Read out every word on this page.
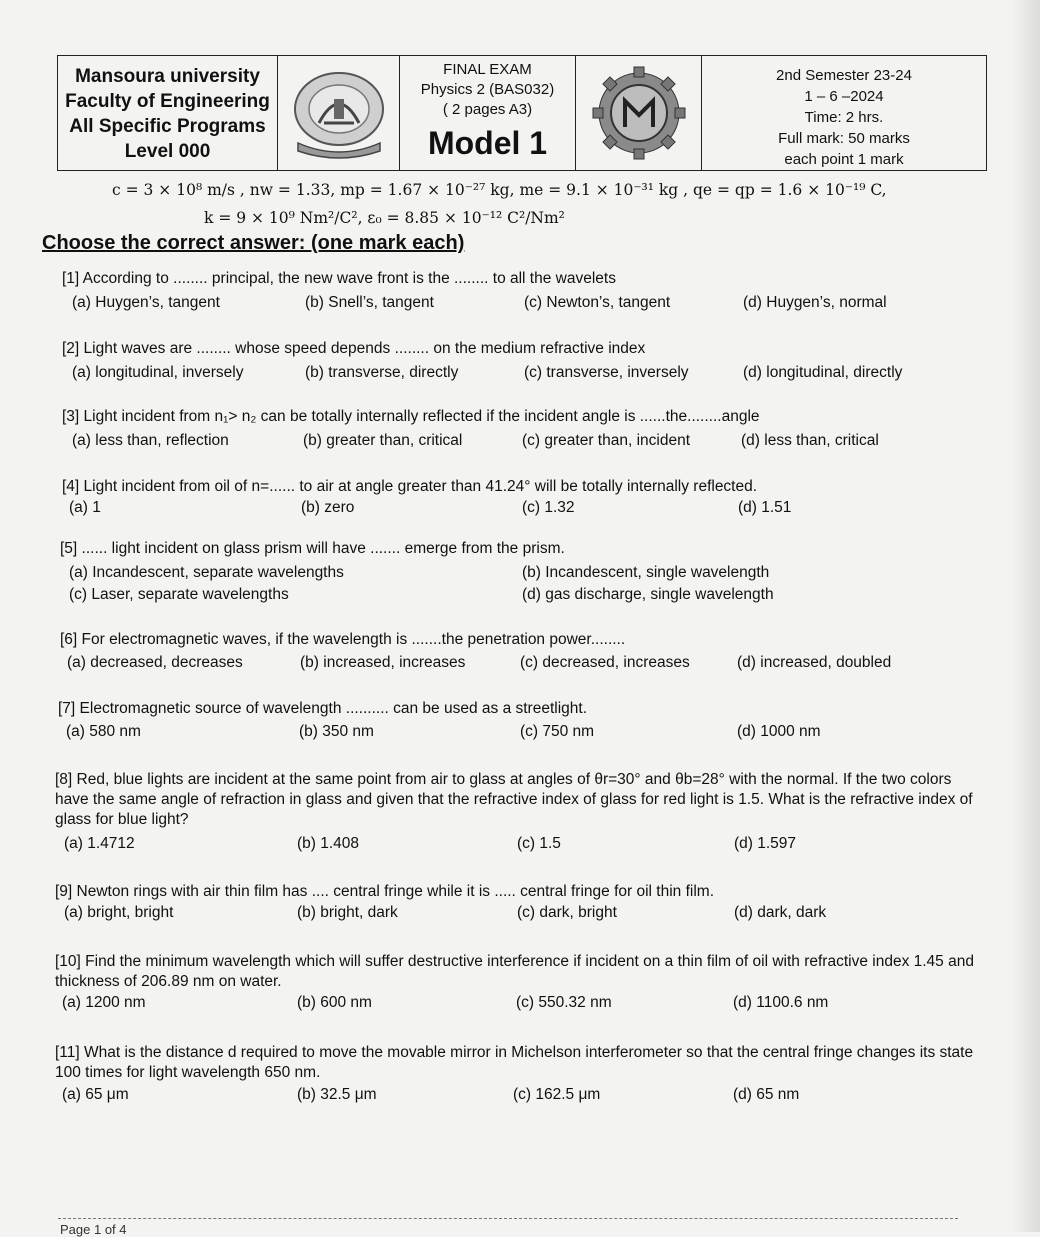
Mansoura university
Faculty of Engineering
All Specific Programs
Level 000
FINAL EXAM
Physics 2 (BAS032)
( 2 pages A3)
Model 1
2nd Semester 23-24
1 – 6 –2024
Time: 2 hrs.
Full mark: 50 marks
each point 1 mark
c = 3 × 10⁸ m/s , nw = 1.33, mp = 1.67 × 10⁻²⁷ kg, me = 9.1 × 10⁻³¹ kg , qe = qp = 1.6 × 10⁻¹⁹ C,
k = 9 × 10⁹ Nm²/C², ε₀ = 8.85 × 10⁻¹² C²/Nm²
Choose the correct answer: (one mark each)
[1] According to ........ principal, the new wave front is the ........ to all the wavelets
(a) Huygen’s, tangent	(b) Snell’s, tangent	(c) Newton’s, tangent	(d) Huygen’s, normal
[2] Light waves are ........ whose speed depends ........ on the medium refractive index
(a) longitudinal, inversely	(b) transverse, directly	(c) transverse, inversely	(d) longitudinal, directly
[3] Light incident from n₁> n₂ can be totally internally reflected if the incident angle is ......the........angle
(a) less than, reflection	(b) greater than, critical	(c) greater than, incident	(d) less than, critical
[4] Light incident from oil of n=...... to air at angle greater than 41.24° will be totally internally reflected.
(a) 1	(b) zero	(c) 1.32	(d) 1.51
[5] ...... light incident on glass prism will have ....... emerge from the prism.
(a) Incandescent, separate wavelengths	(b) Incandescent, single wavelength
(c) Laser, separate wavelengths	(d) gas discharge, single wavelength
[6] For electromagnetic waves, if the wavelength is .......the penetration power........
(a) decreased, decreases	(b) increased, increases	(c) decreased, increases	(d) increased, doubled
[7] Electromagnetic source of wavelength .......... can be used as a streetlight.
(a) 580 nm	(b) 350 nm	(c) 750 nm	(d) 1000 nm
[8] Red, blue lights are incident at the same point from air to glass at angles of θr=30° and θb=28° with the normal. If the two colors have the same angle of refraction in glass and given that the refractive index of glass for red light is 1.5. What is the refractive index of glass for blue light?
(a) 1.4712	(b) 1.408	(c) 1.5	(d) 1.597
[9] Newton rings with air thin film has .... central fringe while it is ..... central fringe for oil thin film.
(a) bright, bright	(b) bright, dark	(c) dark, bright	(d) dark, dark
[10] Find the minimum wavelength which will suffer destructive interference if incident on a thin film of oil with refractive index 1.45 and thickness of 206.89 nm on water.
(a) 1200 nm	(b) 600 nm	(c) 550.32 nm	(d) 1100.6 nm
[11] What is the distance d required to move the movable mirror in Michelson interferometer so that the central fringe changes its state 100 times for light wavelength 650 nm.
(a) 65 μm	(b) 32.5 μm	(c) 162.5 μm	(d) 65 nm
Page 1 of 4
